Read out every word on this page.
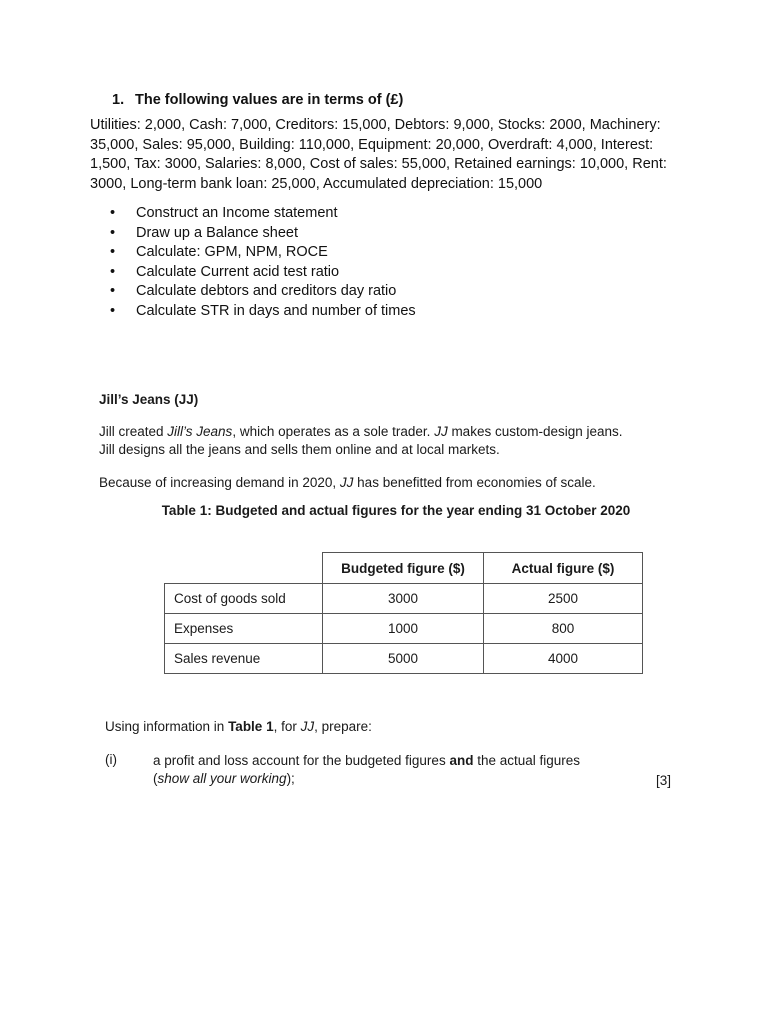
1. The following values are in terms of (£)

Utilities: 2,000, Cash: 7,000, Creditors: 15,000, Debtors: 9,000, Stocks: 2000, Machinery: 35,000, Sales: 95,000, Building: 110,000, Equipment: 20,000, Overdraft: 4,000, Interest: 1,500, Tax: 3000, Salaries: 8,000, Cost of sales: 55,000, Retained earnings: 10,000, Rent: 3000, Long-term bank loan: 25,000, Accumulated depreciation: 15,000

•	Construct an Income statement
•	Draw up a Balance sheet
•	Calculate: GPM, NPM, ROCE
•	Calculate Current acid test ratio
•	Calculate debtors and creditors day ratio
•	Calculate STR in days and number of times
Jill’s Jeans (JJ)

Jill created Jill’s Jeans, which operates as a sole trader. JJ makes custom-design jeans.
Jill designs all the jeans and sells them online and at local markets.

Because of increasing demand in 2020, JJ has benefitted from economies of scale.

Table 1: Budgeted and actual figures for the year ending 31 October 2020
	Budgeted figure ($)	Actual figure ($)
Cost of goods sold	3000	2500
Expenses	1000	800
Sales revenue	5000	4000

Using information in Table 1, for JJ, prepare:

(i)	a profit and loss account for the budgeted figures and the actual figures

(show all your working);	[3]
